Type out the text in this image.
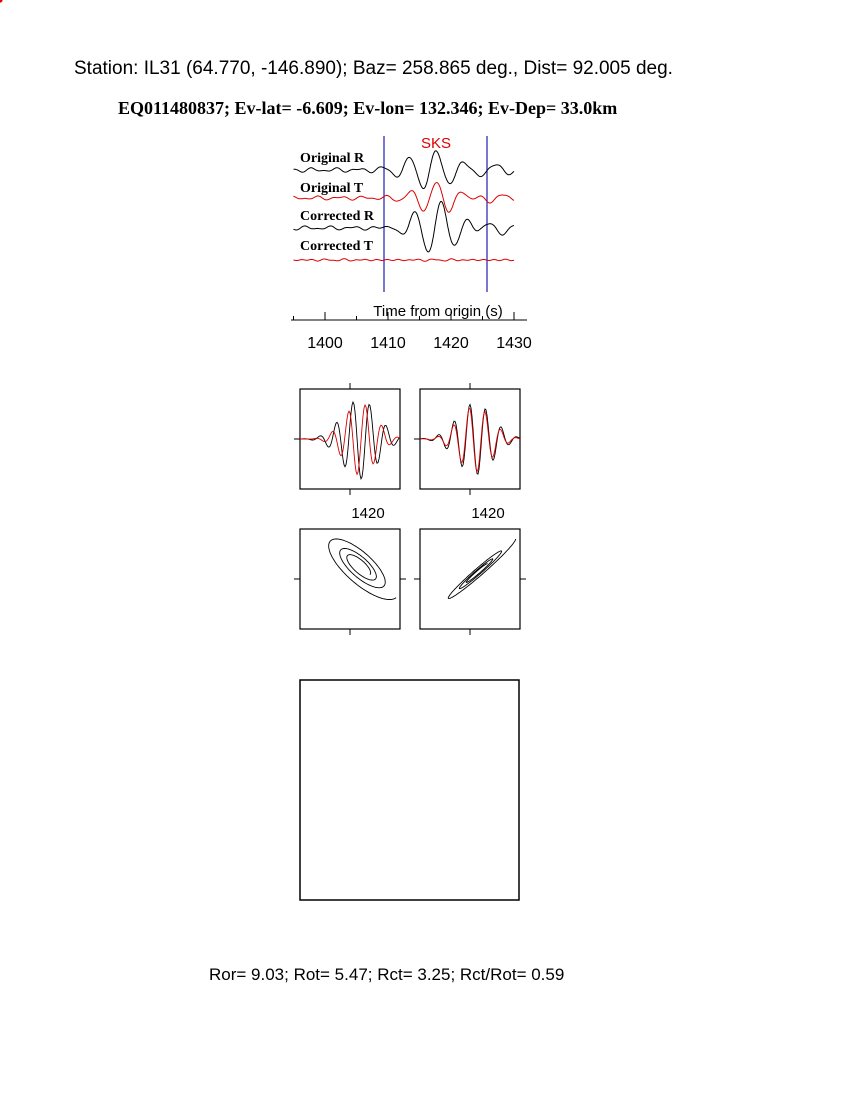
Station: IL31 (64.770, -146.890); Baz= 258.865 deg., Dist= 92.005 deg.
EQ011480837; Ev-lat= -6.609; Ev-lon= 132.346; Ev-Dep= 33.0km
SKS
Original R
Original T
Corrected R
Corrected T
Time from origin (s)
1400 1410 1420 1430
1420	1420
Ror= 9.03; Rot= 5.47; Rct= 3.25; Rct/Rot= 0.59
